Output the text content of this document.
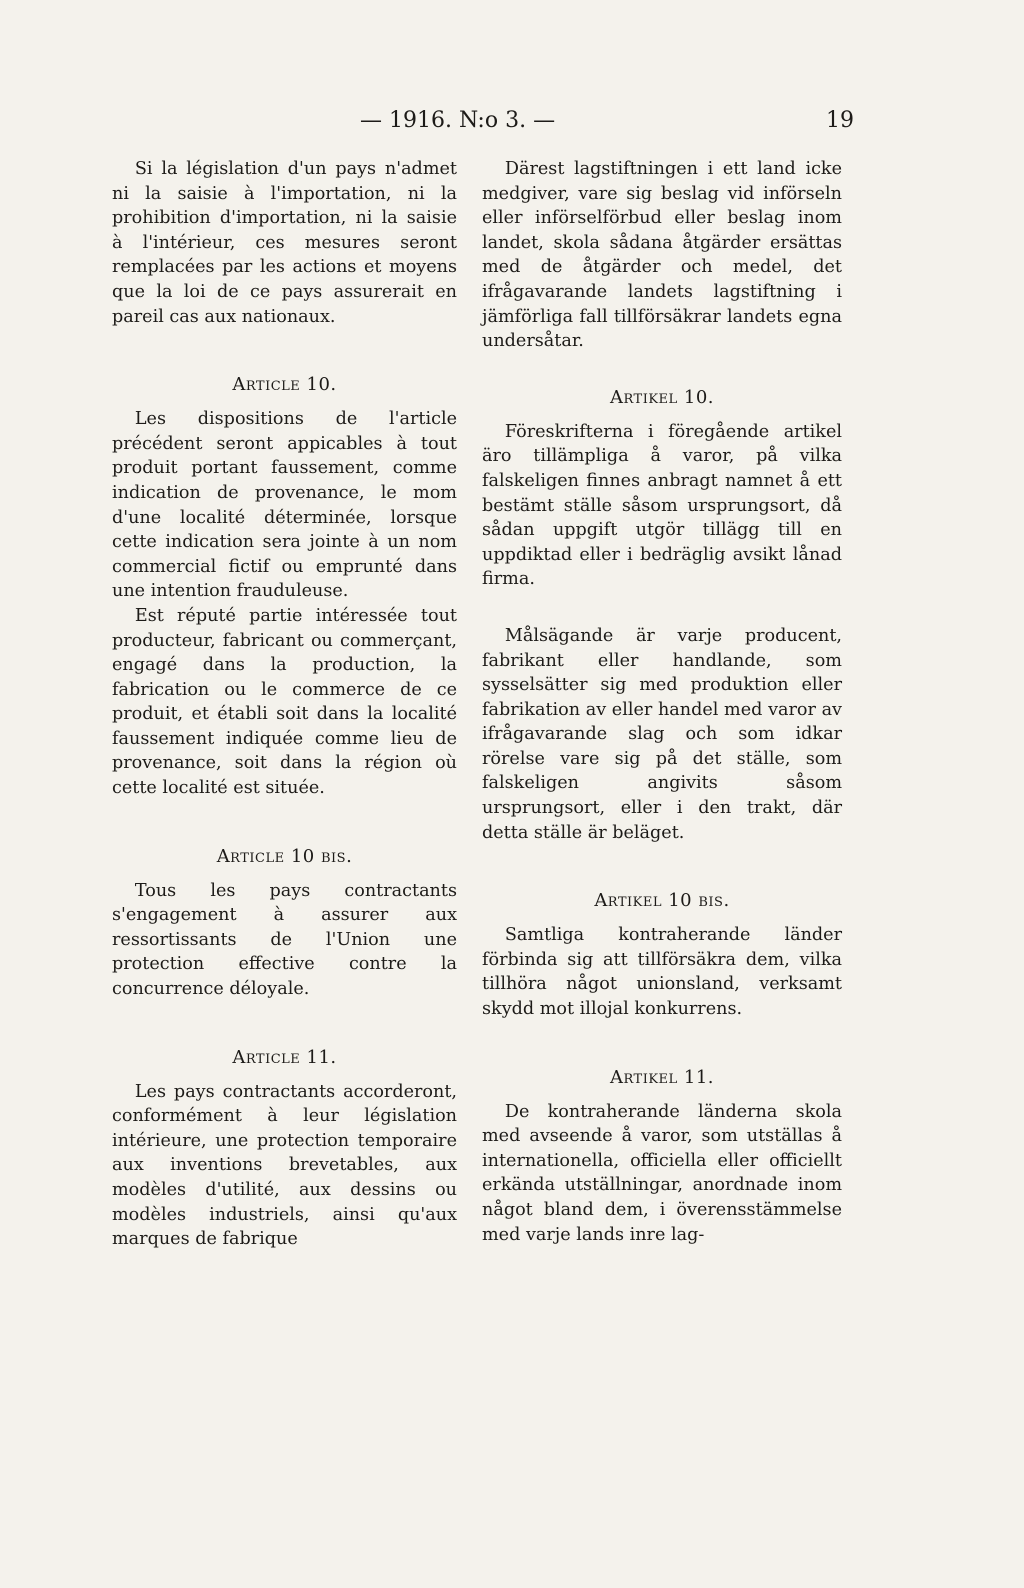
— 1916. N:o 3. —	19

Si la législation d'un pays n'admet ni la saisie à l'importation, ni la prohibition d'importation, ni la saisie à l'intérieur, ces mesures seront remplacées par les actions et moyens que la loi de ce pays assurerait en pareil cas aux nationaux.

Article 10.

Les dispositions de l'article précédent seront appicables à tout produit portant faussement, comme indication de provenance, le mom d'une localité déterminée, lorsque cette indication sera jointe à un nom commercial fictif ou emprunté dans une intention frauduleuse.

Est réputé partie intéressée tout producteur, fabricant ou commerçant, engagé dans la production, la fabrication ou le commerce de ce produit, et établi soit dans la localité faussement indiquée comme lieu de provenance, soit dans la région où cette localité est située.

Article 10 bis.

Tous les pays contractants s'engagement à assurer aux ressortissants de l'Union une protection effective contre la concurrence déloyale.

Article 11.

Les pays contractants accorderont, conformément à leur législation intérieure, une protection temporaire aux inventions brevetables, aux modèles d'utilité, aux dessins ou modèles industriels, ainsi qu'aux marques de fabrique

Därest lagstiftningen i ett land icke medgiver, vare sig beslag vid införseln eller införselförbud eller beslag inom landet, skola sådana åtgärder ersättas med de åtgärder och medel, det ifrågavarande landets lagstiftning i jämförliga fall tillförsäkrar landets egna undersåtar.

Artikel 10.

Föreskrifterna i föregående artikel äro tillämpliga å varor, på vilka falskeligen finnes anbragt namnet å ett bestämt ställe såsom ursprungsort, då sådan uppgift utgör tillägg till en uppdiktad eller i bedräglig avsikt lånad firma.

Målsägande är varje producent, fabrikant eller handlande, som sysselsätter sig med produktion eller fabrikation av eller handel med varor av ifrågavarande slag och som idkar rörelse vare sig på det ställe, som falskeligen angivits såsom ursprungsort, eller i den trakt, där detta ställe är beläget.

Artikel 10 bis.

Samtliga kontraherande länder förbinda sig att tillförsäkra dem, vilka tillhöra något unionsland, verksamt skydd mot illojal konkurrens.

Artikel 11.

De kontraherande länderna skola med avseende å varor, som utställas å internationella, officiella eller officiellt erkända utställningar, anordnade inom något bland dem, i överensstämmelse med varje lands inre lag-
